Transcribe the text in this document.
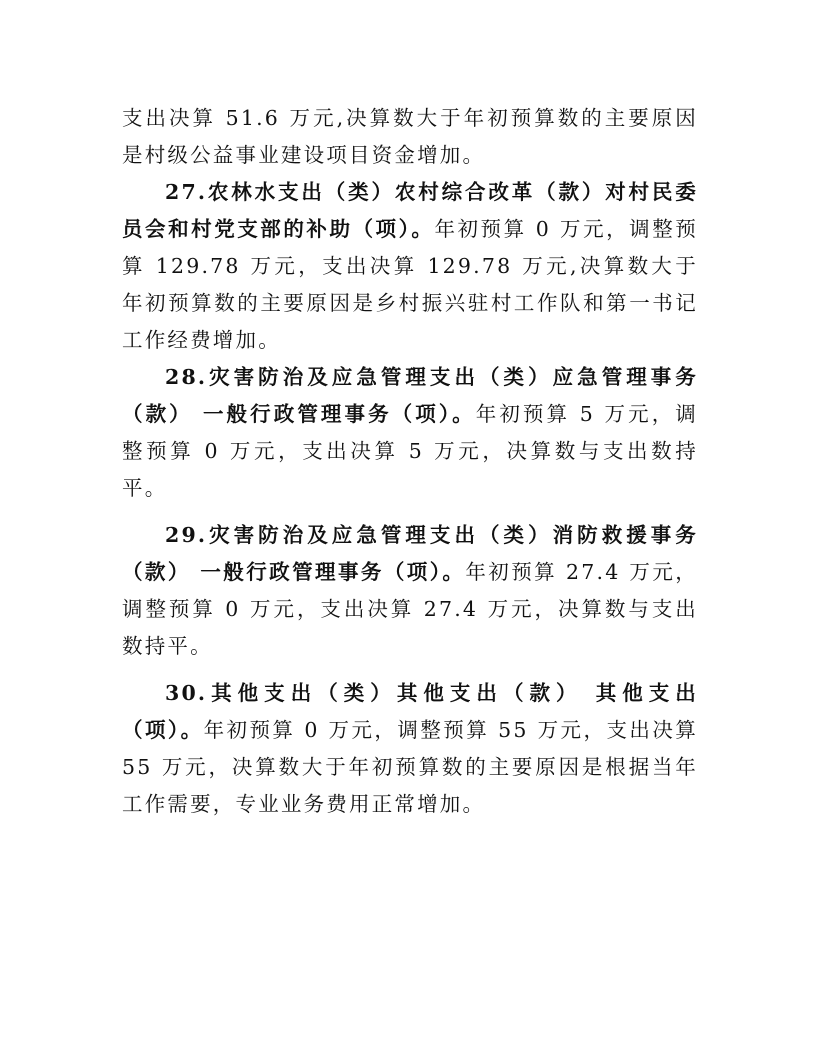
支出决算 51.6 万元,决算数大于年初预算数的主要原因是村级公益事业建设项目资金增加。

27.农林水支出（类）农村综合改革（款）对村民委员会和村党支部的补助（项）。年初预算 0 万元，调整预算 129.78 万元，支出决算 129.78 万元,决算数大于年初预算数的主要原因是乡村振兴驻村工作队和第一书记工作经费增加。

28.灾害防治及应急管理支出（类）应急管理事务（款） 一般行政管理事务（项）。年初预算 5 万元，调整预算 0 万元，支出决算 5 万元，决算数与支出数持平。

29.灾害防治及应急管理支出（类）消防救援事务（款） 一般行政管理事务（项）。年初预算 27.4 万元，调整预算 0 万元，支出决算 27.4 万元，决算数与支出数持平。

30.其他支出（类）其他支出（款） 其他支出（项）。年初预算 0 万元，调整预算 55 万元，支出决算 55 万元，决算数大于年初预算数的主要原因是根据当年工作需要，专业业务费用正常增加。
